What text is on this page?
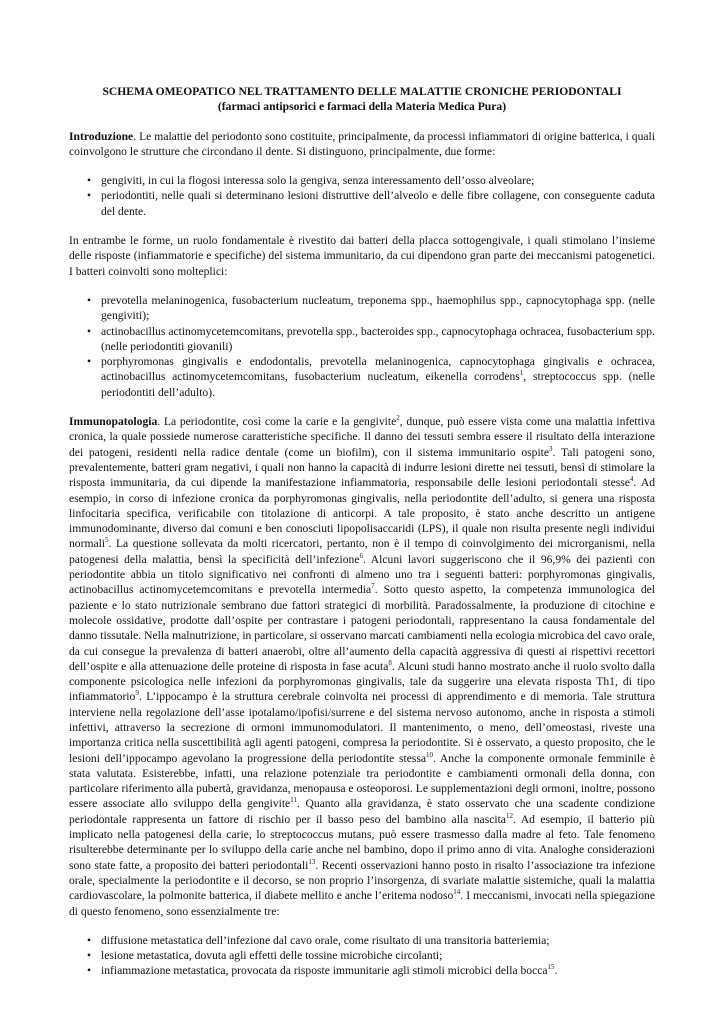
SCHEMA OMEOPATICO NEL TRATTAMENTO DELLE MALATTIE CRONICHE PERIODONTALI

(farmaci antipsorici e farmaci della Materia Medica Pura)

Introduzione. Le malattie del periodonto sono costituite, principalmente, da processi infiammatori di origine batterica, i quali coinvolgono le strutture che circondano il dente. Si distinguono, principalmente, due forme:

• gengiviti, in cui la flogosi interessa solo la gengiva, senza interessamento dell’osso alveolare;
• periodontiti, nelle quali si determinano lesioni distruttive dell’alveolo e delle fibre collagene, con conseguente caduta del dente.

In entrambe le forme, un ruolo fondamentale è rivestito dai batteri della placca sottogengivale, i quali stimolano l’insieme delle risposte (infiammatorie e specifiche) del sistema immunitario, da cui dipendono gran parte dei meccanismi patogenetici. I batteri coinvolti sono molteplici:

• prevotella melaninogenica, fusobacterium nucleatum, treponema spp., haemophilus spp., capnocytophaga spp. (nelle gengiviti);
• actinobacillus actinomycetemcomitans, prevotella spp., bacteroides spp., capnocytophaga ochracea, fusobacterium spp. (nelle periodontiti giovanili)
• porphyromonas gingivalis e endodontalis, prevotella melaninogenica, capnocytophaga gingivalis e ochracea, actinobacillus actinomycetemcomitans, fusobacterium nucleatum, eikenella corrodens$^1$, streptococcus spp. (nelle periodontiti dell’adulto).

Immunopatologia. La periodontite, così come la carie e la gengivite$^2$, dunque, può essere vista come una malattia infettiva cronica, la quale possiede numerose caratteristiche specifiche. Il danno dei tessuti sembra essere il risultato della interazione dei patogeni, residenti nella radice dentale (come un biofilm), con il sistema immunitario ospite$^3$. Tali patogeni sono, prevalentemente, batteri gram negativi, i quali non hanno la capacità di indurre lesioni dirette nei tessuti, bensì di stimolare la risposta immunitaria, da cui dipende la manifestazione infiammatoria, responsabile delle lesioni periodontali stesse$^4$. Ad esempio, in corso di infezione cronica da porphyromonas gingivalis, nella periodontite dell’adulto, si genera una risposta linfocitaria specifica, verificabile con titolazione di anticorpi. A tale proposito, è stato anche descritto un antigene immunodominante, diverso dai comuni e ben conosciuti lipopolisaccaridi (LPS), il quale non risulta presente negli individui normali$^5$. La questione sollevata da molti ricercatori, pertanto, non è il tempo di coinvolgimento dei microrganismi, nella patogenesi della malattia, bensì la specificità dell’infezione$^6$. Alcuni lavori suggeriscono che il 96,9% dei pazienti con periodontite abbia un titolo significativo nei confronti di almeno uno tra i seguenti batteri: porphyromonas gingivalis, actinobacillus actinomycetemcomitans e prevotella intermedia$^7$. Sotto questo aspetto, la competenza immunologica del paziente e lo stato nutrizionale sembrano due fattori strategici di morbilità. Paradossalmente, la produzione di citochine e molecole ossidative, prodotte dall’ospite per contrastare i patogeni periodontali, rappresentano la causa fondamentale del danno tissutale. Nella malnutrizione, in particolare, si osservano marcati cambiamenti nella ecologia microbica del cavo orale, da cui consegue la prevalenza di batteri anaerobi, oltre all’aumento della capacità aggressiva di questi ai rispettivi recettori dell’ospite e alla attenuazione delle proteine di risposta in fase acuta$^8$. Alcuni studi hanno mostrato anche il ruolo svolto dalla componente psicologica nelle infezioni da porphyromonas gingivalis, tale da suggerire una elevata risposta Th1, di tipo infiammatorio$^9$. L’ippocampo è la struttura cerebrale coinvolta nei processi di apprendimento e di memoria. Tale struttura interviene nella regolazione dell’asse ipotalamo/ipofisi/surrene e del sistema nervoso autonomo, anche in risposta a stimoli infettivi, attraverso la secrezione di ormoni immunomodulatori. Il mantenimento, o meno, dell’omeostasi, riveste una importanza critica nella suscettibilità agli agenti patogeni, compresa la periodontite. Si è osservato, a questo proposito, che le lesioni dell’ippocampo agevolano la progressione della periodontite stessa$^{10}$. Anche la componente ormonale femminile è stata valutata. Esisterebbe, infatti, una relazione potenziale tra periodontite e cambiamenti ormonali della donna, con particolare riferimento alla pubertà, gravidanza, menopausa e osteoporosi. Le supplementazioni degli ormoni, inoltre, possono essere associate allo sviluppo della gengivite$^{11}$. Quanto alla gravidanza, è stato osservato che una scadente condizione periodontale rappresenta un fattore di rischio per il basso peso del bambino alla nascita$^{12}$. Ad esempio, il batterio più implicato nella patogenesi della carie, lo streptococcus mutans, può essere trasmesso dalla madre al feto. Tale fenomeno risulterebbe determinante per lo sviluppo della carie anche nel bambino, dopo il primo anno di vita. Analoghe considerazioni sono state fatte, a proposito dei batteri periodontali$^{13}$. Recenti osservazioni hanno posto in risalto l’associazione tra infezione orale, specialmente la periodontite e il decorso, se non proprio l’insorgenza, di svariate malattie sistemiche, quali la malattia cardiovascolare, la polmonite batterica, il diabete mellito e anche l’eritema nodoso$^{14}$. I meccanismi, invocati nella spiegazione di questo fenomeno, sono essenzialmente tre:

• diffusione metastatica dell’infezione dal cavo orale, come risultato di una transitoria batteriemia;
• lesione metastatica, dovuta agli effetti delle tossine microbiche circolanti;
• infiammazione metastatica, provocata da risposte immunitarie agli stimoli microbici della bocca$^{15}$.
